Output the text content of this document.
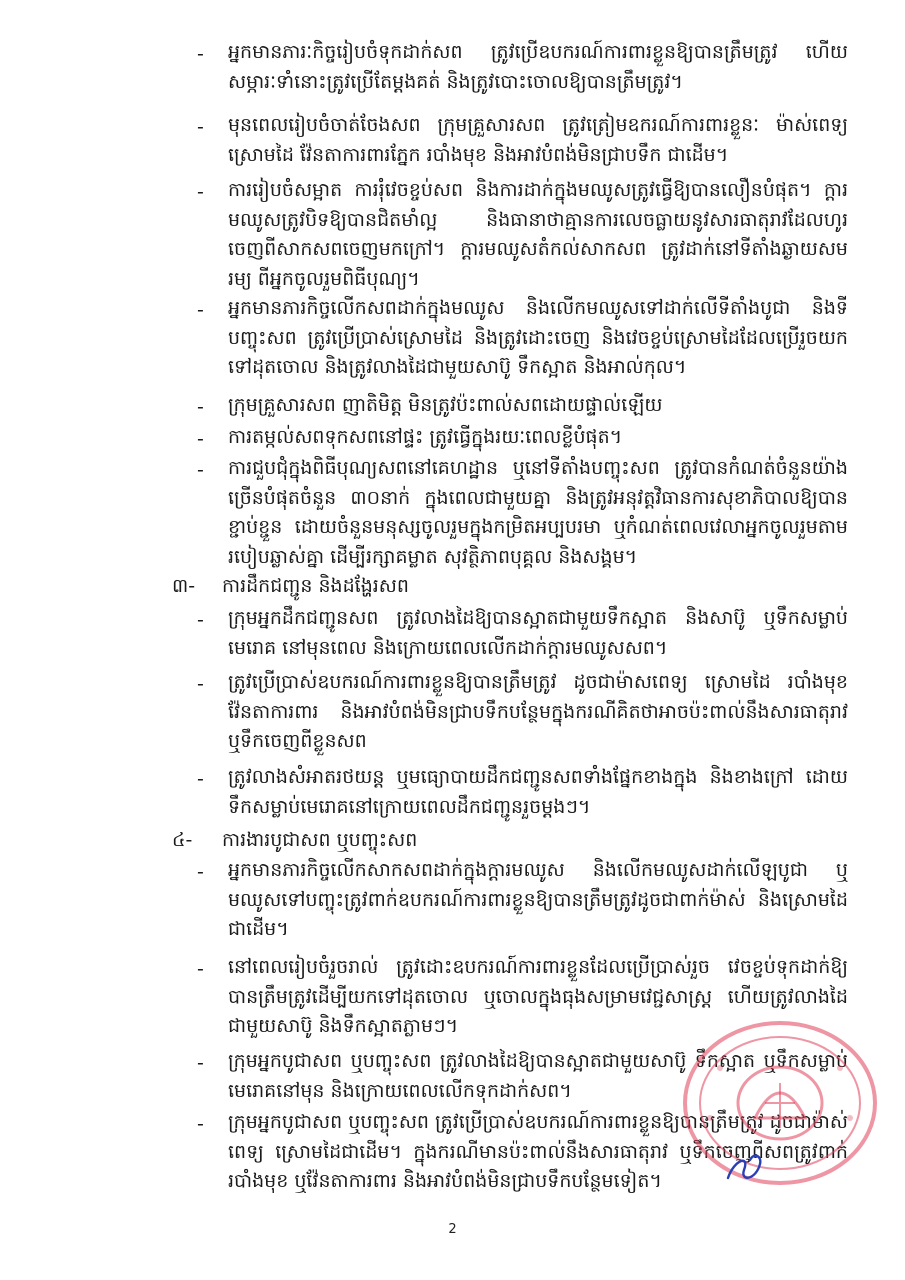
-	អ្នកមានភារៈកិច្ចរៀបចំទុកដាក់សព ត្រូវប្រើឧបករណ៍ការពារខ្លួនឱ្យបានត្រឹមត្រូវ ហើយសម្ភារៈទាំនោះត្រូវប្រើតែម្តងគត់ និងត្រូវបោះចោលឱ្យបានត្រឹមត្រូវ។
-	មុនពេលរៀបចំចាត់ចែងសព ក្រុមគ្រួសារសព ត្រូវត្រៀមឧករណ៍ការពារខ្លួនៈ ម៉ាស់ពេទ្យ ស្រោមដៃ វ៉ែនតាការពារភ្នែក របាំងមុខ និងអាវបំពង់មិនជ្រាបទឹក ជាដើម។
-	ការរៀបចំសម្អាត ការរុំវេចខ្ចប់សព និងការដាក់ក្នុងមឈូសត្រូវធ្វើឱ្យបានលឿនបំផុត។ ក្តារមឈូសត្រូវបិទឱ្យបានជិតមាំល្អ និងធានាថាគ្មានការលេចធ្លាយនូវសារធាតុរាវដែលហូរចេញពីសាកសពចេញមកក្រៅ។ ក្តារមឈូសតំកល់សាកសព ត្រូវដាក់នៅទីតាំងឆ្ងាយសមរម្យ ពីអ្នកចូលរួមពិធីបុណ្យ។
-	អ្នកមានភារកិច្ចលើកសពដាក់ក្នុងមឈូស និងលើកមឈូសទៅដាក់លើទីតាំងបូជា និងទីបញ្ចុះសព ត្រូវប្រើប្រាស់ស្រោមដៃ និងត្រូវដោះចេញ និងវេចខ្ចប់ស្រោមដៃដែលប្រើរួចយកទៅដុតចោល និងត្រូវលាងដៃជាមួយសាប៊ូ ទឹកស្អាត និងអាល់កុល។
-	ក្រុមគ្រួសារសព ញាតិមិត្ត មិនត្រូវប៉ះពាល់សពដោយផ្ទាល់ឡើយ
-	ការតម្កល់សពទុកសពនៅផ្ទះ ត្រូវធ្វើក្នុងរយៈពេលខ្លីបំផុត។
-	ការជួបជុំក្នុងពិធីបុណ្យសពនៅគេហដ្ឋាន ឬនៅទីតាំងបញ្ចុះសព ត្រូវបានកំណត់ចំនួនយ៉ាងច្រើនបំផុតចំនួន ៣០នាក់ ក្នុងពេលជាមួយគ្នា និងត្រូវអនុវត្តវិធានការសុខាភិបាលឱ្យបានខ្ជាប់ខ្ជួន ដោយចំនួនមនុស្សចូលរួមក្នុងកម្រិតអប្បបរមា ឬកំណត់ពេលវេលាអ្នកចូលរួមតាមរបៀបឆ្លាស់គ្នា ដើម្បីរក្សាគម្លាត សុវត្ថិភាពបុគ្គល និងសង្គម។
៣- ការដឹកជញ្ជូន និងដង្ហែរសព
-	ក្រុមអ្នកដឹកជញ្ជូនសព ត្រូវលាងដៃឱ្យបានស្អាតជាមួយទឹកស្អាត និងសាប៊ូ ឬទឹកសម្លាប់មេរោគ នៅមុនពេល និងក្រោយពេលលើកដាក់ក្តារមឈូសសព។
-	ត្រូវប្រើប្រាស់ឧបករណ៍ការពារខ្លួនឱ្យបានត្រឹមត្រូវ ដូចជាម៉ាសពេទ្យ ស្រោមដៃ របាំងមុខ វ៉ែនតាការពារ និងអាវបំពង់មិនជ្រាបទឹកបន្ថែមក្នុងករណីគិតថាអាចប៉ះពាល់នឹងសារធាតុរាវ ឬទឹកចេញពីខ្លួនសព
-	ត្រូវលាងសំអាតរថយន្ត ឬមធ្យោបាយដឹកជញ្ជូនសពទាំងផ្នែកខាងក្នុង និងខាងក្រៅ ដោយទឹកសម្លាប់មេរោគនៅក្រោយពេលដឹកជញ្ជូនរួចម្តងៗ។
៤- ការងារបូជាសព ឬបញ្ចុះសព
-	អ្នកមានភារកិច្ចលើកសាកសពដាក់ក្នុងក្តារមឈូស និងលើកមឈូសដាក់លើឡបូជា ឬមឈូសទៅបញ្ចុះត្រូវពាក់ឧបករណ៍ការពារខ្លួនឱ្យបានត្រឹមត្រូវដូចជាពាក់ម៉ាស់ និងស្រោមដៃជាដើម។
-	នៅពេលរៀបចំរួចរាល់ ត្រូវដោះឧបករណ៍ការពារខ្លួនដែលប្រើប្រាស់រួច វេចខ្ចប់ទុកដាក់ឱ្យបានត្រឹមត្រូវដើម្បីយកទៅដុតចោល ឬចោលក្នុងធុងសម្រាមវេជ្ជសាស្ត្រ ហើយត្រូវលាងដៃជាមួយសាប៊ូ និងទឹកស្អាតភ្លាមៗ។
-	ក្រុមអ្នកបូជាសព ឬបញ្ចុះសព ត្រូវលាងដៃឱ្យបានស្អាតជាមួយសាប៊ូ ទឹកស្អាត ឬទឹកសម្លាប់មេរោគនៅមុន និងក្រោយពេលលើកទុកដាក់សព។
-	ក្រុមអ្នកបូជាសព ឬបញ្ចុះសព ត្រូវប្រើប្រាស់ឧបករណ៍ការពារខ្លួនឱ្យបានត្រឹមត្រូវ ដូចជាម៉ាស់ពេទ្យ ស្រោមដៃជាដើម។ ក្នុងករណីមានប៉ះពាល់នឹងសារធាតុរាវ ឬទឹកចេញពីសពត្រូវពាក់របាំងមុខ ឬវ៉ែនតាការពារ និងអាវបំពង់មិនជ្រាបទឹកបន្ថែមទៀត។
2
